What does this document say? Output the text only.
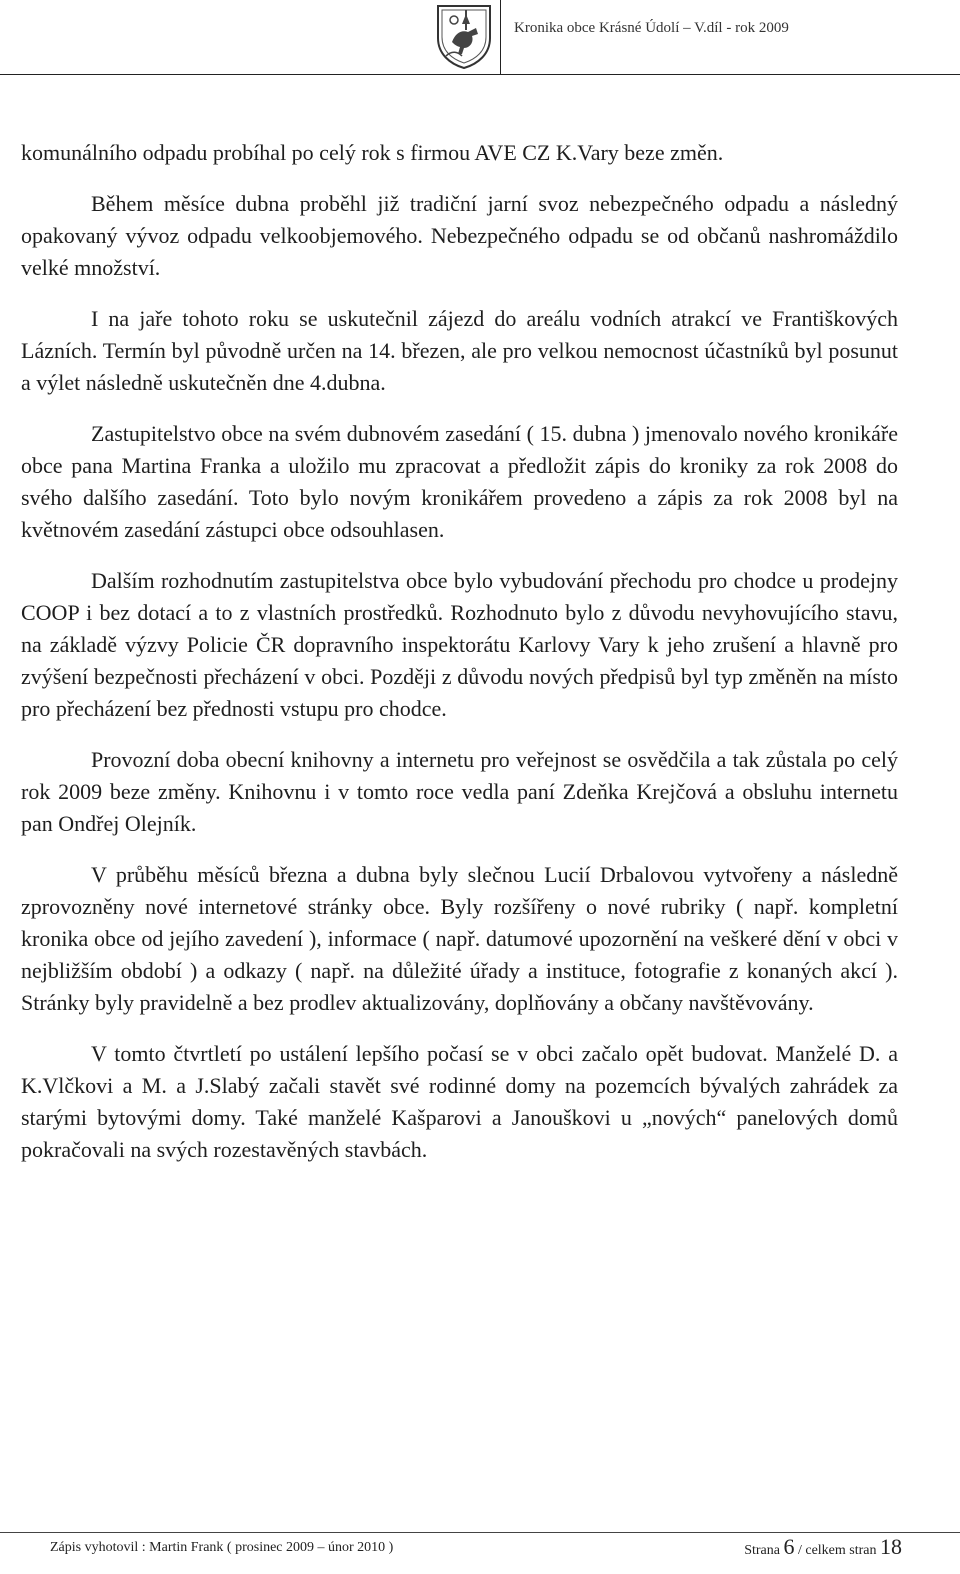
Kronika obce Krásné Údolí – V.díl - rok 2009

komunálního odpadu probíhal po celý rok s firmou AVE CZ K.Vary beze změn.

Během měsíce dubna proběhl již tradiční jarní svoz nebezpečného odpadu a následný opakovaný vývoz odpadu velkoobjemového. Nebezpečného odpadu se od občanů nashromáždilo velké množství.

I na jaře tohoto roku se uskutečnil zájezd do areálu vodních atrakcí ve Františkových Lázních. Termín byl původně určen na 14. březen, ale pro velkou nemocnost účastníků byl posunut a výlet následně uskutečněn dne 4.dubna.

Zastupitelstvo obce na svém dubnovém zasedání ( 15. dubna ) jmenovalo nového kronikáře obce pana Martina Franka a uložilo mu zpracovat a předložit zápis do kroniky za rok 2008 do svého dalšího zasedání. Toto bylo novým kronikářem provedeno a zápis za rok 2008 byl na květnovém zasedání zástupci obce odsouhlasen.

Dalším rozhodnutím zastupitelstva obce bylo vybudování přechodu pro chodce u prodejny COOP i bez dotací a to z vlastních prostředků. Rozhodnuto bylo z důvodu nevyhovujícího stavu, na základě výzvy Policie ČR dopravního inspektorátu Karlovy Vary k jeho zrušení a hlavně pro zvýšení bezpečnosti přecházení v obci. Později z důvodu nových předpisů byl typ změněn na místo pro přecházení bez přednosti vstupu pro chodce.

Provozní doba obecní knihovny a internetu pro veřejnost se osvědčila a tak zůstala po celý rok 2009 beze změny. Knihovnu i v tomto roce vedla paní Zdeňka Krejčová a obsluhu internetu pan Ondřej Olejník.

V průběhu měsíců března a dubna byly slečnou Lucií Drbalovou vytvořeny a následně zprovozněny nové internetové stránky obce. Byly rozšířeny o nové rubriky ( např. kompletní kronika obce od jejího zavedení ), informace ( např. datumové upozornění na veškeré dění v obci v nejbližším období ) a odkazy ( např. na důležité úřady a instituce, fotografie z konaných akcí ). Stránky byly pravidelně a bez prodlev aktualizovány, doplňovány a občany navštěvovány.

V tomto čtvrtletí po ustálení lepšího počasí se v obci začalo opět budovat. Manželé D. a K.Vlčkovi a M. a J.Slabý začali stavět své rodinné domy na pozemcích bývalých zahrádek za starými bytovými domy. Také manželé Kašparovi a Janouškovi u „nových“ panelových domů pokračovali na svých rozestavěných stavbách.

Zápis vyhotovil : Martin Frank ( prosinec 2009 – únor 2010 )	Strana 6 / celkem stran 18
